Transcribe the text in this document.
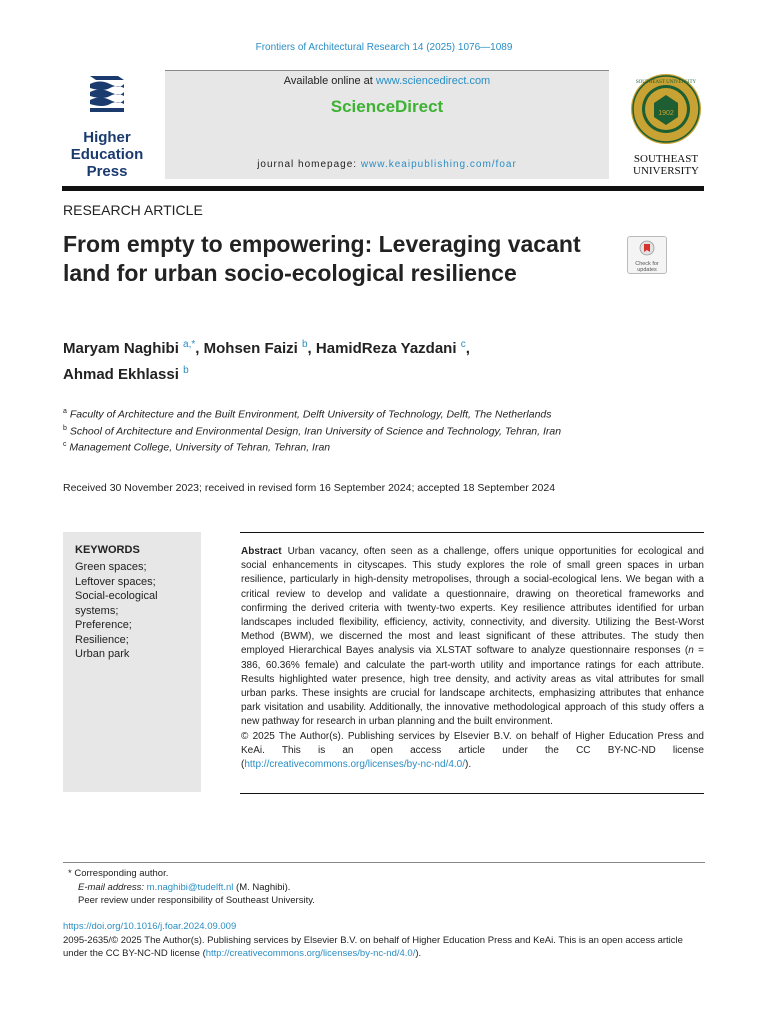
Frontiers of Architectural Research 14 (2025) 1076—1089
Higher
Education
Press
Available online at www.sciencedirect.com
ScienceDirect
journal homepage: www.keaipublishing.com/foar
1902
SOUTHEAST UNIVERSITY
SOUTHEAST
UNIVERSITY
RESEARCH ARTICLE
From empty to empowering: Leveraging vacant land for urban socio-ecological resilience	Check for
updates
Maryam Naghibi $^{a,*}$, Mohsen Faizi $^b$, HamidReza Yazdani $^c$,
Ahmad Ekhlassi $^b$
$^a$ Faculty of Architecture and the Built Environment, Delft University of Technology, Delft, The Netherlands
$^b$ School of Architecture and Environmental Design, Iran University of Science and Technology, Tehran, Iran
$^c$ Management College, University of Tehran, Tehran, Iran
Received 30 November 2023; received in revised form 16 September 2024; accepted 18 September 2024
KEYWORDS
Green spaces;
Leftover spaces;
Social-ecological systems;
Preference;
Resilience;
Urban park
Abstract Urban vacancy, often seen as a challenge, offers unique opportunities for ecological and social enhancements in cityscapes. This study explores the role of small green spaces in urban resilience, particularly in high-density metropolises, through a social-ecological lens. We began with a critical review to develop and validate a questionnaire, drawing on theoretical frameworks and confirming the derived criteria with twenty-two experts. Key resilience attributes identified for urban landscapes included flexibility, efficiency, activity, connectivity, and diversity. Utilizing the Best-Worst Method (BWM), we discerned the most and least significant of these attributes. The study then employed Hierarchical Bayes analysis via XLSTAT software to analyze questionnaire responses (n = 386, 60.36% female) and calculate the part-worth utility and importance ratings for each attribute. Results highlighted water presence, high tree density, and activity areas as vital attributes for small urban parks. These insights are crucial for landscape architects, emphasizing attributes that enhance park visitation and usability. Additionally, the innovative methodological approach of this study offers a new pathway for research in urban planning and the built environment.
© 2025 The Author(s). Publishing services by Elsevier B.V. on behalf of Higher Education Press and KeAi. This is an open access article under the CC BY-NC-ND license (http://creativecommons.org/licenses/by-nc-nd/4.0/).
* Corresponding author.
E-mail address: m.naghibi@tudelft.nl (M. Naghibi).
Peer review under responsibility of Southeast University.
https://doi.org/10.1016/j.foar.2024.09.009
2095-2635/© 2025 The Author(s). Publishing services by Elsevier B.V. on behalf of Higher Education Press and KeAi. This is an open access article under the CC BY-NC-ND license (http://creativecommons.org/licenses/by-nc-nd/4.0/).
